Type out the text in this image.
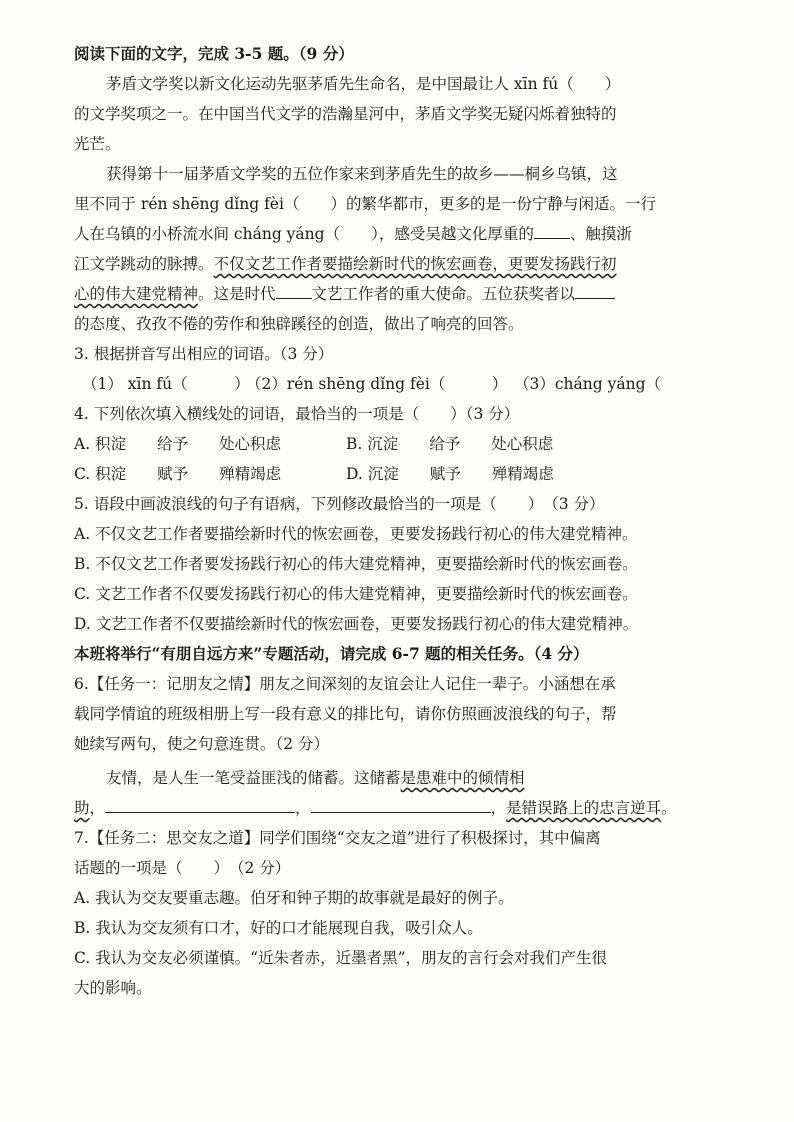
阅读下面的文字，完成 3-5 题。（9 分）
茅盾文学奖以新文化运动先驱茅盾先生命名，是中国最让人 xīn fú（　　）
的文学奖项之一。在中国当代文学的浩瀚星河中，茅盾文学奖无疑闪烁着独特的
光芒。
获得第十一届茅盾文学奖的五位作家来到茅盾先生的故乡——桐乡乌镇，这
里不同于 rén shēng dǐng fèi（　　）的繁华都市，更多的是一份宁静与闲适。一行
人在乌镇的小桥流水间 cháng yáng（　　），感受吴越文化厚重的 、触摸浙
江文学跳动的脉搏。不仅文艺工作者要描绘新时代的恢宏画卷，更要发扬践行初
心的伟大建党精神。这是时代 文艺工作者的重大使命。五位获奖者以
的态度、孜孜不倦的劳作和独辟蹊径的创造，做出了响亮的回答。
3. 根据拼音写出相应的词语。（3 分）
（1） xīn fú（　　　）
（2）rén shēng dǐng fèi（　　　） （3）cháng yáng（
4. 下列依次填入横线处的词语，最恰当的一项是（　　）（3 分）
A. 积淀　　给予　　处心积虑	B. 沉淀　　给予　　处心积虑
C. 积淀　　赋予　　殚精竭虑	D. 沉淀　　赋予　　殚精竭虑
5. 语段中画波浪线的句子有语病，下列修改最恰当的一项是（　　）　（3 分）
A. 不仅文艺工作者要描绘新时代的恢宏画卷，更要发扬践行初心的伟大建党精神。
B. 不仅文艺工作者要发扬践行初心的伟大建党精神，更要描绘新时代的恢宏画卷。
C. 文艺工作者不仅要发扬践行初心的伟大建党精神，更要描绘新时代的恢宏画卷。
D. 文艺工作者不仅要描绘新时代的恢宏画卷，更要发扬践行初心的伟大建党精神。
本班将举行“有朋自远方来”专题活动，请完成 6-7 题的相关任务。（4 分）
6.【任务一：记朋友之情】朋友之间深刻的友谊会让人记住一辈子。小涵想在承
载同学情谊的班级相册上写一段有意义的排比句，请你仿照画波浪线的句子，帮
她续写两句，使之句意连贯。（2 分）
友情，是人生一笔受益匪浅的储蓄。这储蓄是患难中的倾情相
助，	，	，是错误路上的忠言逆耳。
7.【任务二：思交友之道】同学们围绕“交友之道”进行了积极探讨，其中偏离
话题的一项是（　　）　（2 分）
A. 我认为交友要重志趣。伯牙和钟子期的故事就是最好的例子。
B. 我认为交友须有口才，好的口才能展现自我，吸引众人。
C. 我认为交友必须谨慎。“近朱者赤，近墨者黑”，朋友的言行会对我们产生很
大的影响。
